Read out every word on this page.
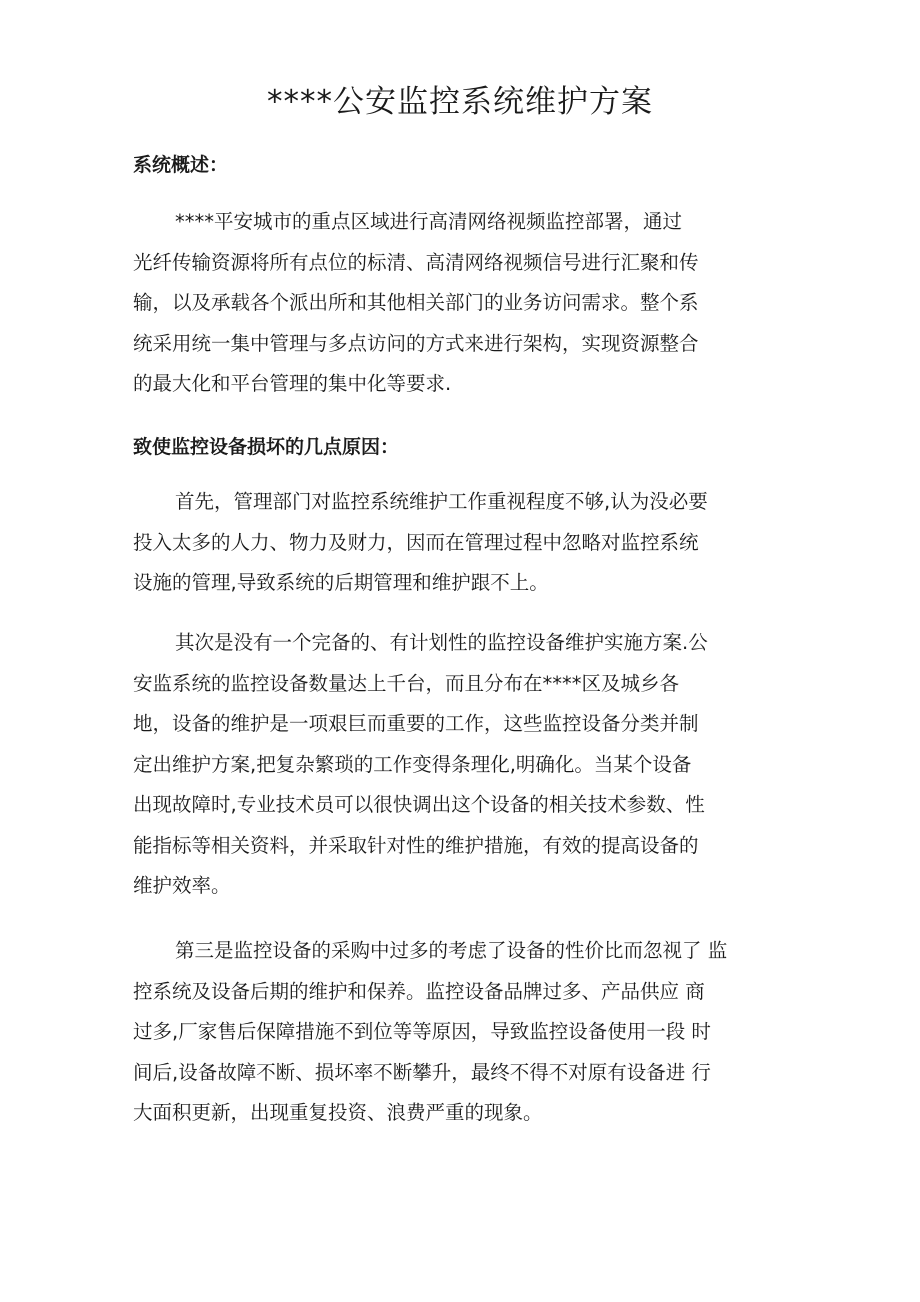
****公安监控系统维护方案
系统概述：
****平安城市的重点区域进行高清网络视频监控部署，通过
光纤传输资源将所有点位的标清、高清网络视频信号进行汇聚和传
输，以及承载各个派出所和其他相关部门的业务访问需求。整个系
统采用统一集中管理与多点访问的方式来进行架构，实现资源整合
的最大化和平台管理的集中化等要求.
致使监控设备损坏的几点原因：
首先，管理部门对监控系统维护工作重视程度不够,认为没必要
投入太多的人力、物力及财力，因而在管理过程中忽略对监控系统
设施的管理,导致系统的后期管理和维护跟不上。
其次是没有一个完备的、有计划性的监控设备维护实施方案.公
安监系统的监控设备数量达上千台，而且分布在****区及城乡各
地，设备的维护是一项艰巨而重要的工作，这些监控设备分类并制
定出维护方案,把复杂繁琐的工作变得条理化,明确化。当某个设备
出现故障时,专业技术员可以很快调出这个设备的相关技术参数、性
能指标等相关资料，并采取针对性的维护措施，有效的提高设备的
维护效率。
第三是监控设备的采购中过多的考虑了设备的性价比而忽视了 监
控系统及设备后期的维护和保养。监控设备品牌过多、产品供应 商
过多,厂家售后保障措施不到位等等原因，导致监控设备使用一段 时
间后,设备故障不断、损坏率不断攀升，最终不得不对原有设备进 行
大面积更新，出现重复投资、浪费严重的现象。
